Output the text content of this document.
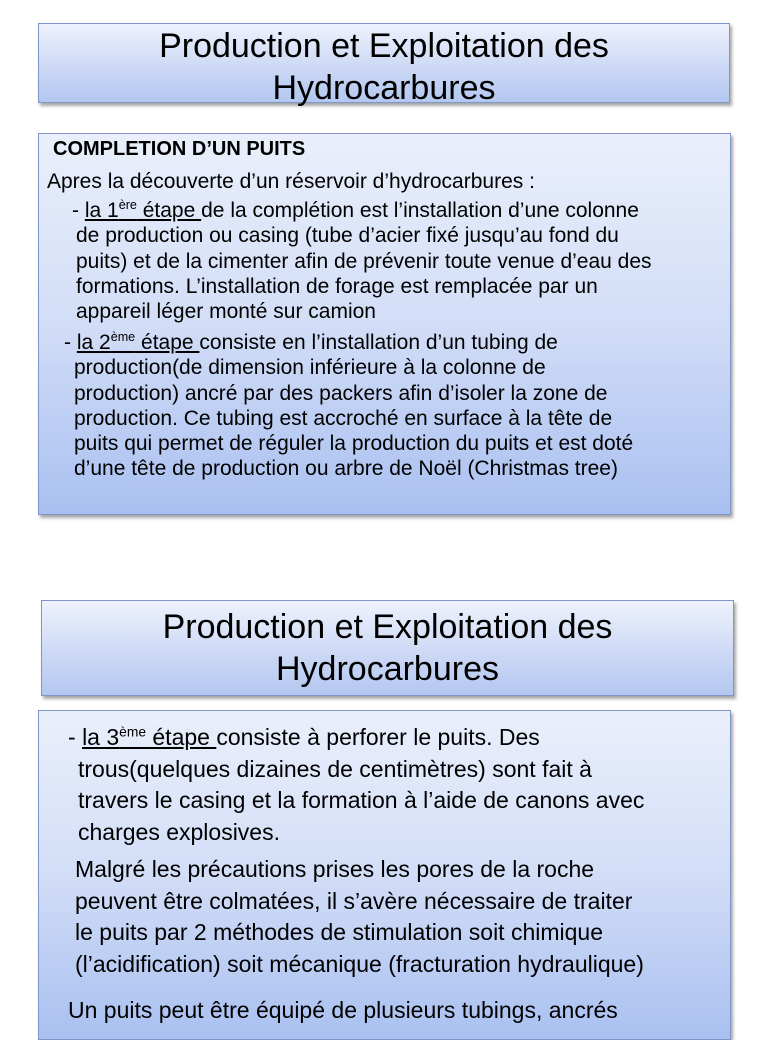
Production et Exploitation des
Hydrocarbures
COMPLETION D’UN PUITS
Apres la découverte d’un réservoir d’hydrocarbures :
- la 1ère étape de la complétion est l’installation d’une colonne
de production ou casing (tube d’acier fixé jusqu’au fond du
puits) et de la cimenter afin de prévenir toute venue d’eau des
formations. L’installation de forage est remplacée par un
appareil léger monté sur camion
- la 2ème étape consiste en l’installation d’un tubing de
production(de dimension inférieure à la colonne de
production) ancré par des packers afin d’isoler la zone de
production. Ce tubing est accroché en surface à la tête de
puits qui permet de réguler la production du puits et est doté
d’une tête de production ou arbre de Noël (Christmas tree)
Production et Exploitation des
Hydrocarbures
- la 3ème étape consiste à perforer le puits. Des
trous(quelques dizaines de centimètres) sont fait à
travers le casing et la formation à l’aide de canons avec
charges explosives.
Malgré les précautions prises les pores de la roche
peuvent être colmatées, il s’avère nécessaire de traiter
le puits par 2 méthodes de stimulation soit chimique
(l’acidification) soit mécanique (fracturation hydraulique)
Un puits peut être équipé de plusieurs tubings, ancrés
